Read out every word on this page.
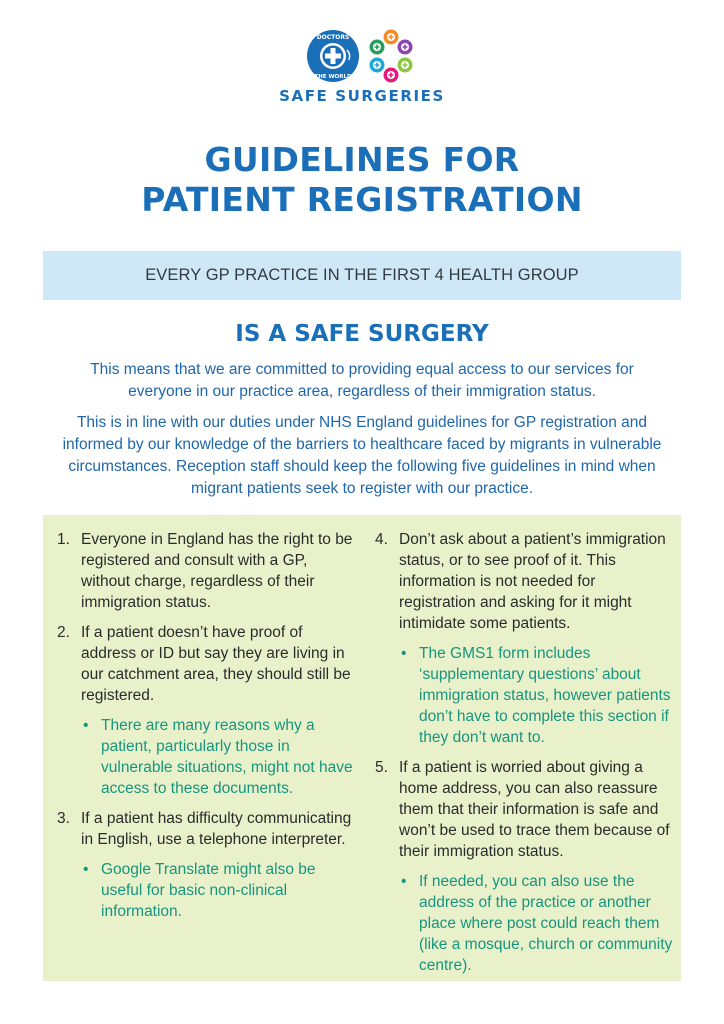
DOCTORS
THE WORLD
SAFE SURGERIES
GUIDELINES FOR
PATIENT REGISTRATION
EVERY GP PRACTICE IN THE FIRST 4 HEALTH GROUP
IS A SAFE SURGERY

This means that we are committed to providing equal access to our services for everyone in our practice area, regardless of their immigration status.

This is in line with our duties under NHS England guidelines for GP registration and informed by our knowledge of the barriers to healthcare faced by migrants in vulnerable circumstances. Reception staff should keep the following five guidelines in mind when migrant patients seek to register with our practice.

1. Everyone in England has the right to be registered and consult with a GP, without charge, regardless of their immigration status.
2. If a patient doesn’t have proof of address or ID but say they are living in our catchment area, they should still be registered.
• There are many reasons why a patient, particularly those in vulnerable situations, might not have access to these documents.
3. If a patient has difficulty communicating in English, use a telephone interpreter.
• Google Translate might also be useful for basic non-clinical information.
4. Don’t ask about a patient’s immigration status, or to see proof of it. This information is not needed for registration and asking for it might intimidate some patients.
• The GMS1 form includes ‘supplementary questions’ about immigration status, however patients don’t have to complete this section if they don’t want to.
5. If a patient is worried about giving a home address, you can also reassure them that their information is safe and won’t be used to trace them because of their immigration status.
• If needed, you can also use the address of the practice or another place where post could reach them (like a mosque, church or community centre).
